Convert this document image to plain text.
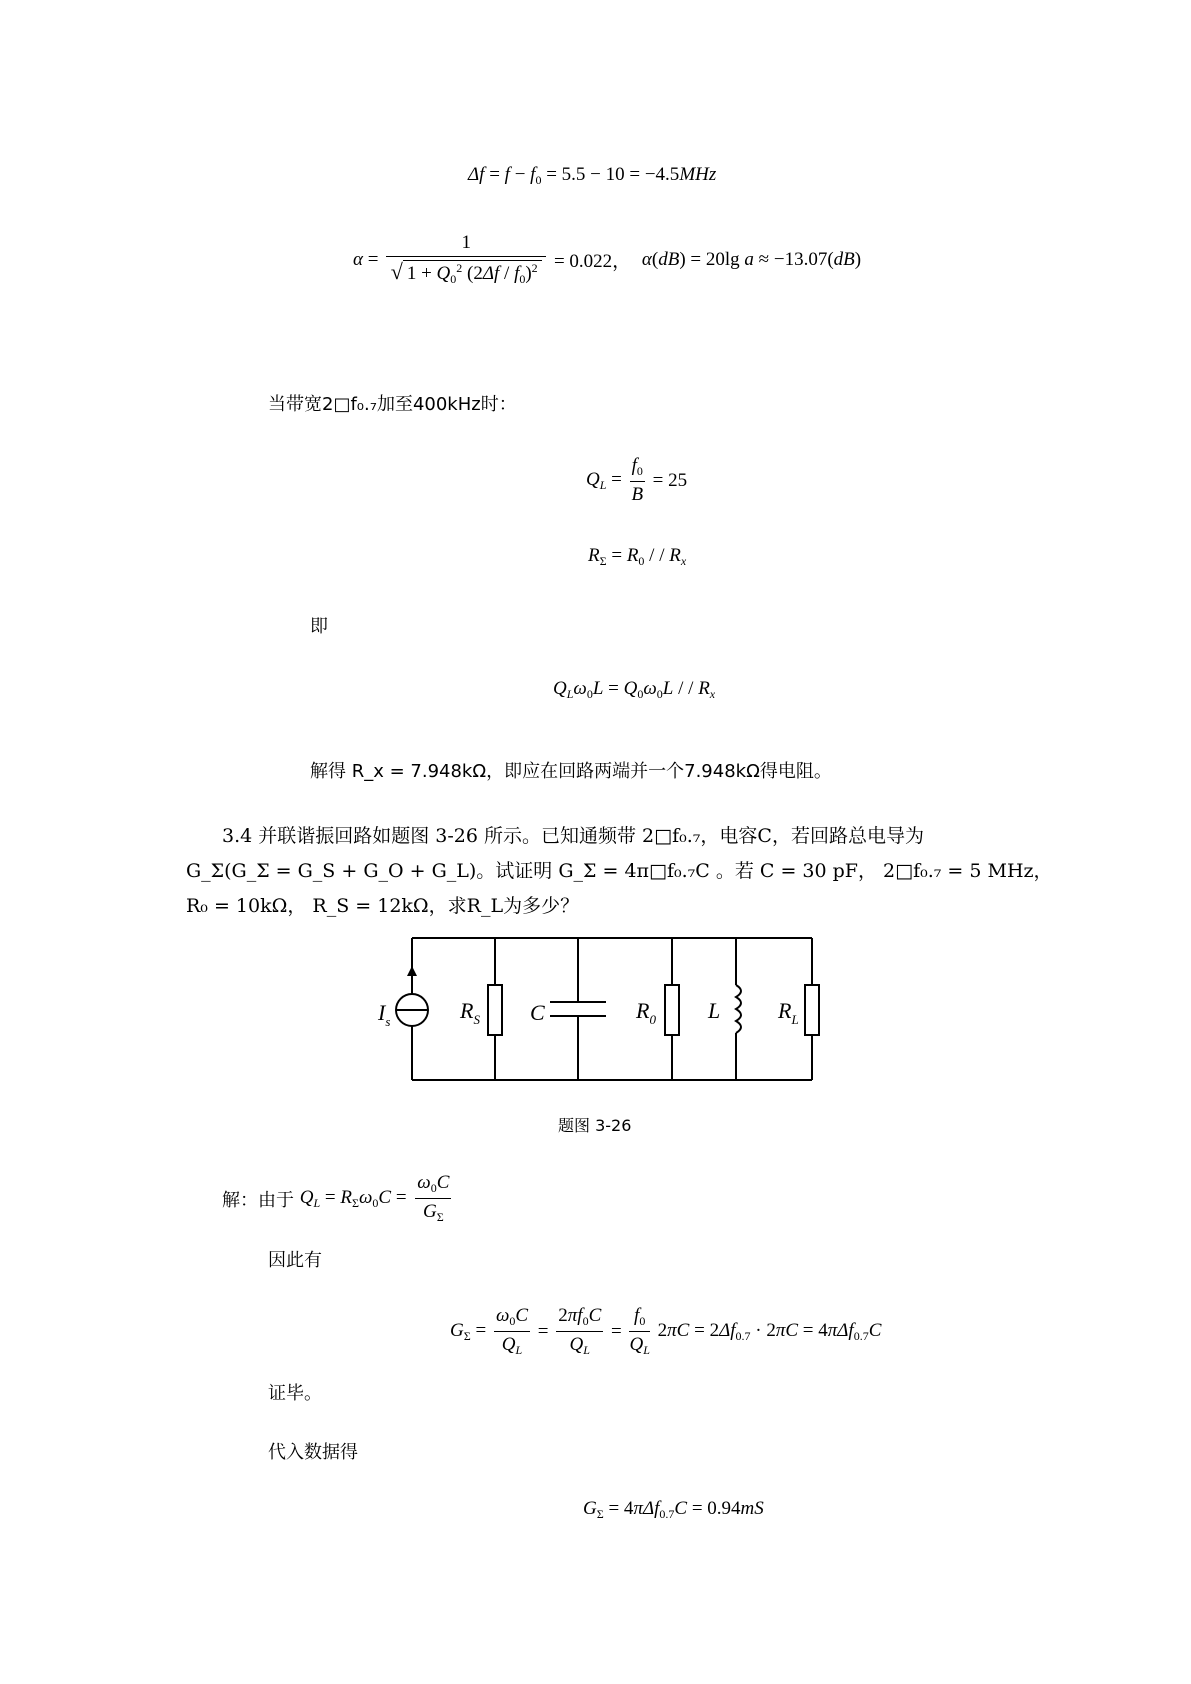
$\Delta f = f - f_0 = 5.5 - 10 = -4.5MHz$
$\alpha = \frac{1}{√ 1 + Q_0^2 (2\Delta f / f_0)^2} = 0.022$， α(dB) = 20lg a ≈ −13.07(dB)
当带宽2□f₀.₇加至400kHz时：
$Q_L = \frac{f_0}{B} = 25$
$R_\Sigma = R_0$ / / $R_x$
即
$Q_L\omega_0L = Q_0\omega_0L$ / / $R_x$
解得 R_x = 7.948kΩ，即应在回路两端并一个7.948kΩ得电阻。
3.4 并联谐振回路如题图 3-26 所示。已知通频带 2□f₀.₇，电容C，若回路总电导为
G_Σ(G_Σ = G_S + G_O + G_L)。试证明 G_Σ = 4π□f₀.₇C 。若 C = 30 pF， 2□f₀.₇ = 5 MHz，
R₀ = 10kΩ， R_S = 12kΩ，求R_L为多少？
$I_s$	$R_S$ C	$R_0$ L	$R_L$
题图 3-26
解：由于 $Q_L = R_\Sigma\omega_0C = \frac{\omega_0C}{G_\Sigma}$
因此有
$G_\Sigma = \frac{\omega_0C}{Q_L} = \frac{2\pi f_0C}{Q_L} = \frac{f_0}{Q_L} 2\pi C = 2\Delta f_{0.7} \cdot 2\pi C = 4\pi\Delta f_{0.7}C$
证毕。
代入数据得
$G_\Sigma = 4\pi\Delta f_{0.7}C = 0.94mS$
